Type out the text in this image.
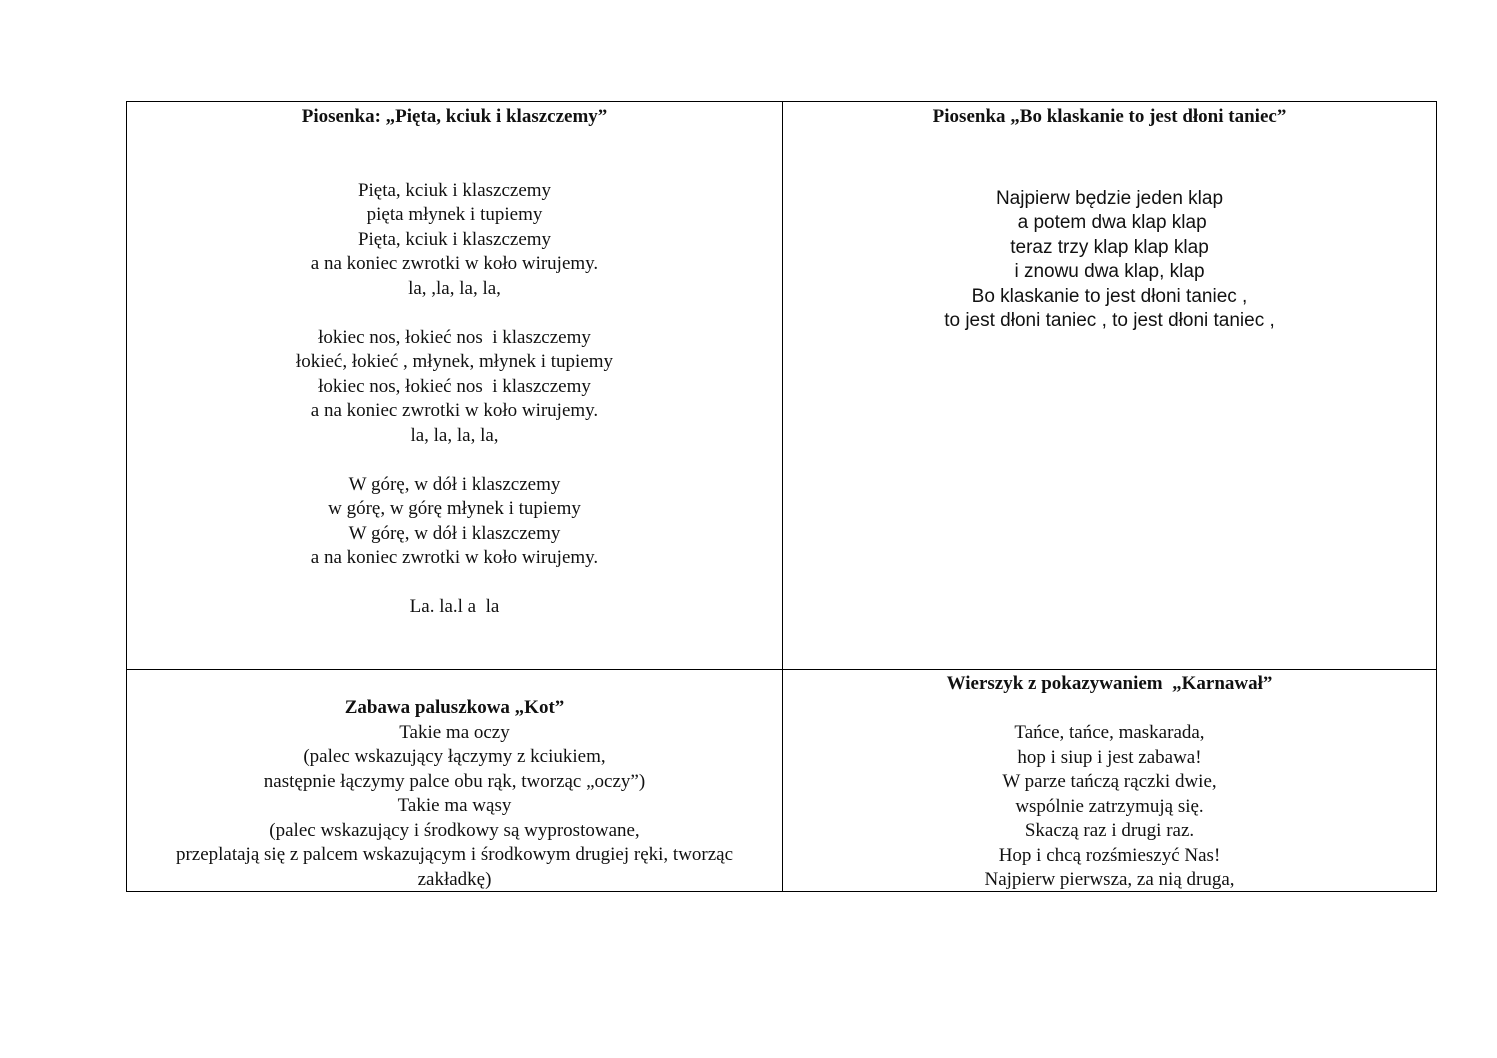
Piosenka: „Pięta, kciuk i klaszczemy”
Pięta, kciuk i klaszczemy
pięta młynek i tupiemy
Pięta, kciuk i klaszczemy
a na koniec zwrotki w koło wirujemy.
la, ,la, la, la,

łokiec nos, łokieć nos  i klaszczemy
łokieć, łokieć , młynek, młynek i tupiemy
łokiec nos, łokieć nos  i klaszczemy
a na koniec zwrotki w koło wirujemy.
la, la, la, la,

W górę, w dół i klaszczemy
w górę, w górę młynek i tupiemy
W górę, w dół i klaszczemy
a na koniec zwrotki w koło wirujemy.

La. la.l a  la
Piosenka „Bo klaskanie to jest dłoni taniec”
Najpierw będzie jeden klap
a potem dwa klap klap
teraz trzy klap klap klap
i znowu dwa klap, klap
Bo klaskanie to jest dłoni taniec ,
to jest dłoni taniec , to jest dłoni taniec ,
Zabawa paluszkowa „Kot”
Takie ma oczy
(palec wskazujący łączymy z kciukiem,
następnie łączymy palce obu rąk, tworząc „oczy”)
Takie ma wąsy
(palec wskazujący i środkowy są wyprostowane,
przeplatają się z palcem wskazującym i środkowym drugiej ręki, tworząc zakładkę)
Wierszyk z pokazywaniem  „Karnawał”
Tańce, tańce, maskarada,
hop i siup i jest zabawa!
W parze tańczą rączki dwie,
wspólnie zatrzymują się.
Skaczą raz i drugi raz.
Hop i chcą rozśmieszyć Nas!
Najpierw pierwsza, za nią druga,
